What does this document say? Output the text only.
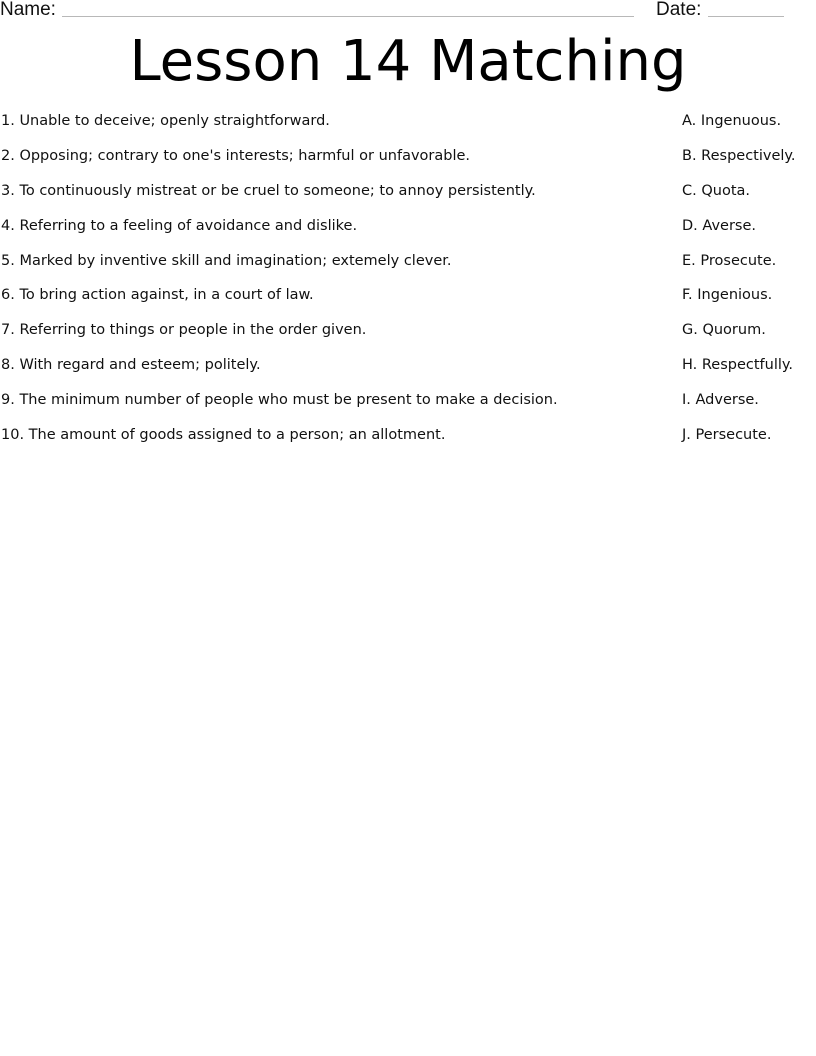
Name:	Date:
Lesson 14 Matching
1. Unable to deceive; openly straightforward.	A. Ingenuous.
2. Opposing; contrary to one's interests; harmful or unfavorable.	B. Respectively.
3. To continuously mistreat or be cruel to someone; to annoy persistently.	C. Quota.
4. Referring to a feeling of avoidance and dislike.	D. Averse.
5. Marked by inventive skill and imagination; extemely clever.	E. Prosecute.
6. To bring action against, in a court of law.	F. Ingenious.
7. Referring to things or people in the order given.	G. Quorum.
8. With regard and esteem; politely.	H. Respectfully.
9. The minimum number of people who must be present to make a decision.	I. Adverse.
10. The amount of goods assigned to a person; an allotment.	J. Persecute.
